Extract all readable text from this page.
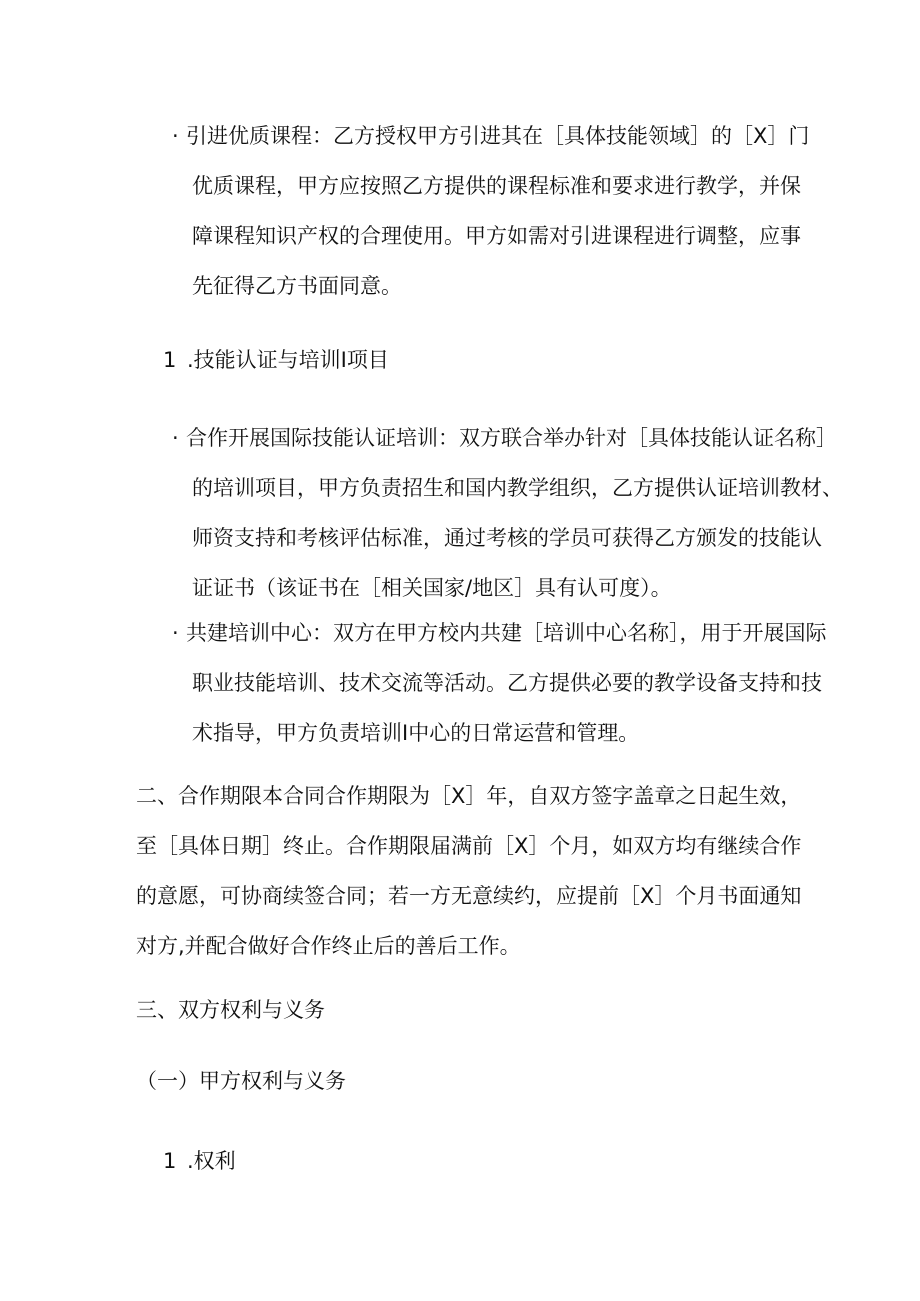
· 引进优质课程：乙方授权甲方引进其在［具体技能领域］的［X］门
优质课程，甲方应按照乙方提供的课程标准和要求进行教学，并保
障课程知识产权的合理使用。甲方如需对引进课程进行调整，应事
先征得乙方书面同意。
1 .技能认证与培训I项目
· 合作开展国际技能认证培训：双方联合举办针对［具体技能认证名称］
的培训项目，甲方负责招生和国内教学组织，乙方提供认证培训教材、
师资支持和考核评估标准，通过考核的学员可获得乙方颁发的技能认
证证书（该证书在［相关国家/地区］具有认可度）。
· 共建培训中心：双方在甲方校内共建［培训中心名称］，用于开展国际
职业技能培训、技术交流等活动。乙方提供必要的教学设备支持和技
术指导，甲方负责培训I中心的日常运营和管理。
二、合作期限本合同合作期限为［X］年，自双方签字盖章之日起生效，
至［具体日期］终止。合作期限届满前［X］个月，如双方均有继续合作
的意愿，可协商续签合同；若一方无意续约，应提前［X］个月书面通知
对方,并配合做好合作终止后的善后工作。
三、双方权利与义务
（一）甲方权利与义务
1 .权利
